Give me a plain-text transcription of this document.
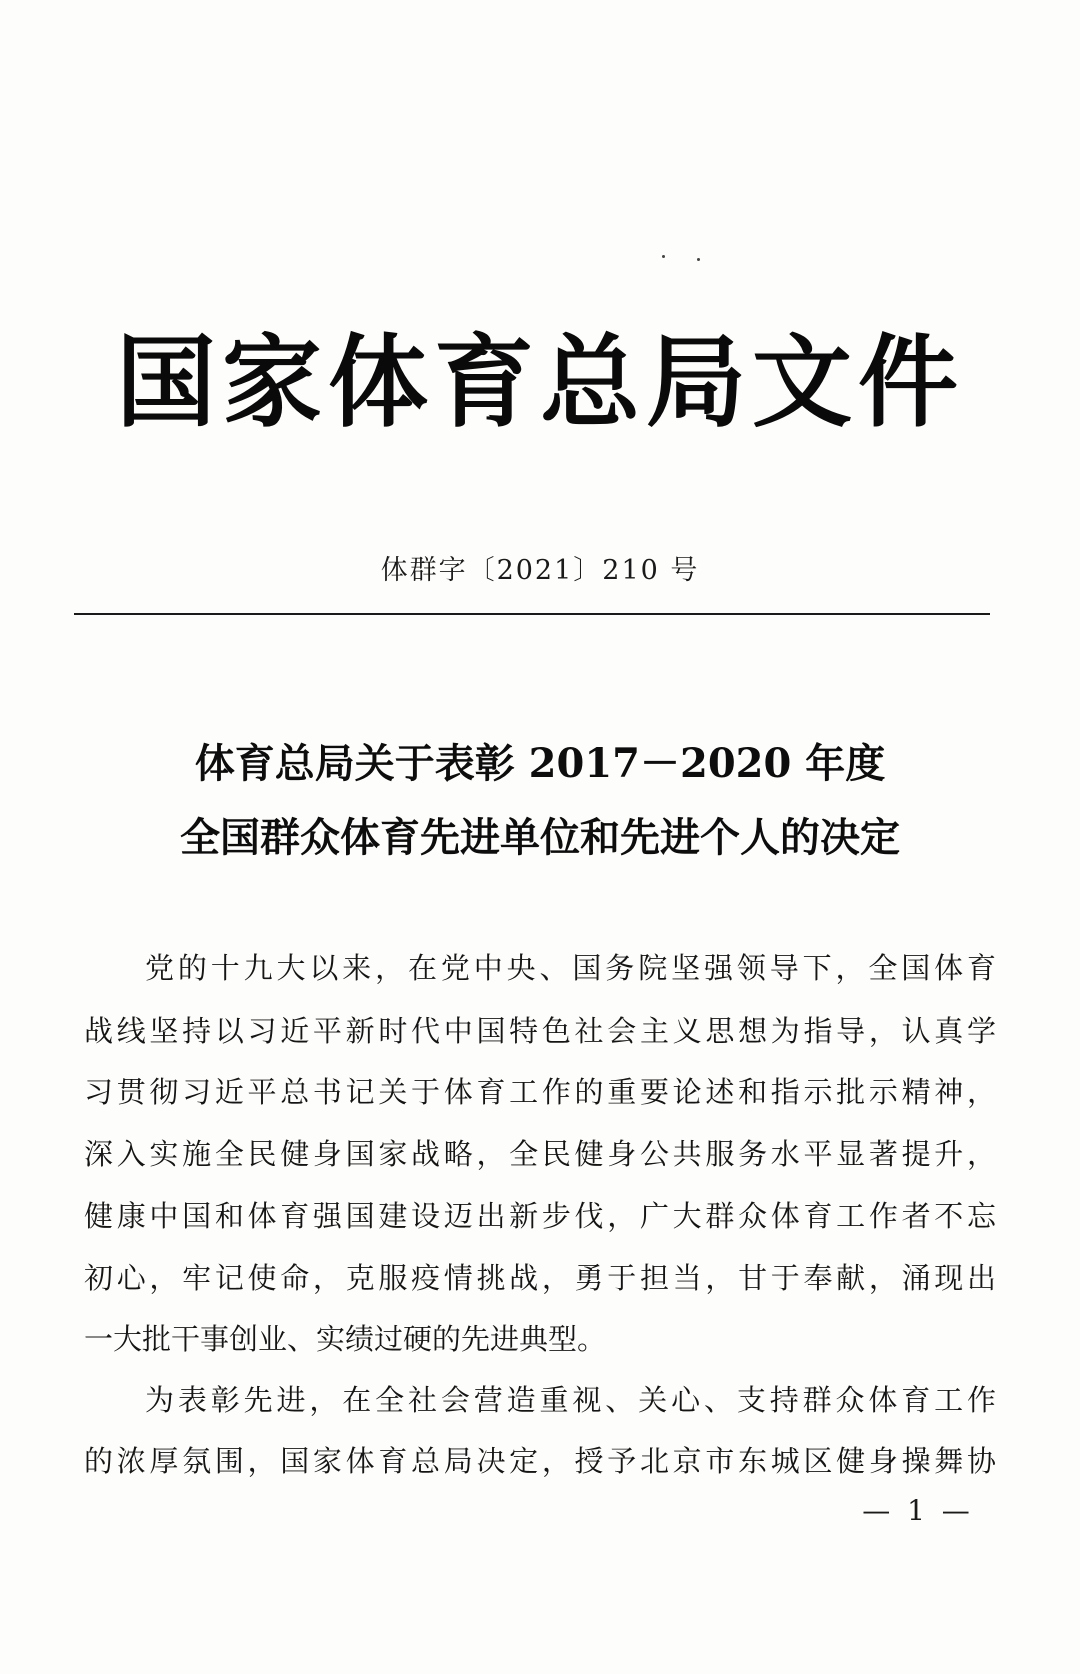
国家体育总局文件
体群字〔2021〕210 号
体育总局关于表彰 2017－2020 年度
全国群众体育先进单位和先进个人的决定
党的十九大以来，在党中央、国务院坚强领导下，全国体育
战线坚持以习近平新时代中国特色社会主义思想为指导，认真学
习贯彻习近平总书记关于体育工作的重要论述和指示批示精神，
深入实施全民健身国家战略，全民健身公共服务水平显著提升，
健康中国和体育强国建设迈出新步伐，广大群众体育工作者不忘
初心，牢记使命，克服疫情挑战，勇于担当，甘于奉献，涌现出
一大批干事创业、实绩过硬的先进典型。
为表彰先进，在全社会营造重视、关心、支持群众体育工作
的浓厚氛围，国家体育总局决定，授予北京市东城区健身操舞协
— 1 —
